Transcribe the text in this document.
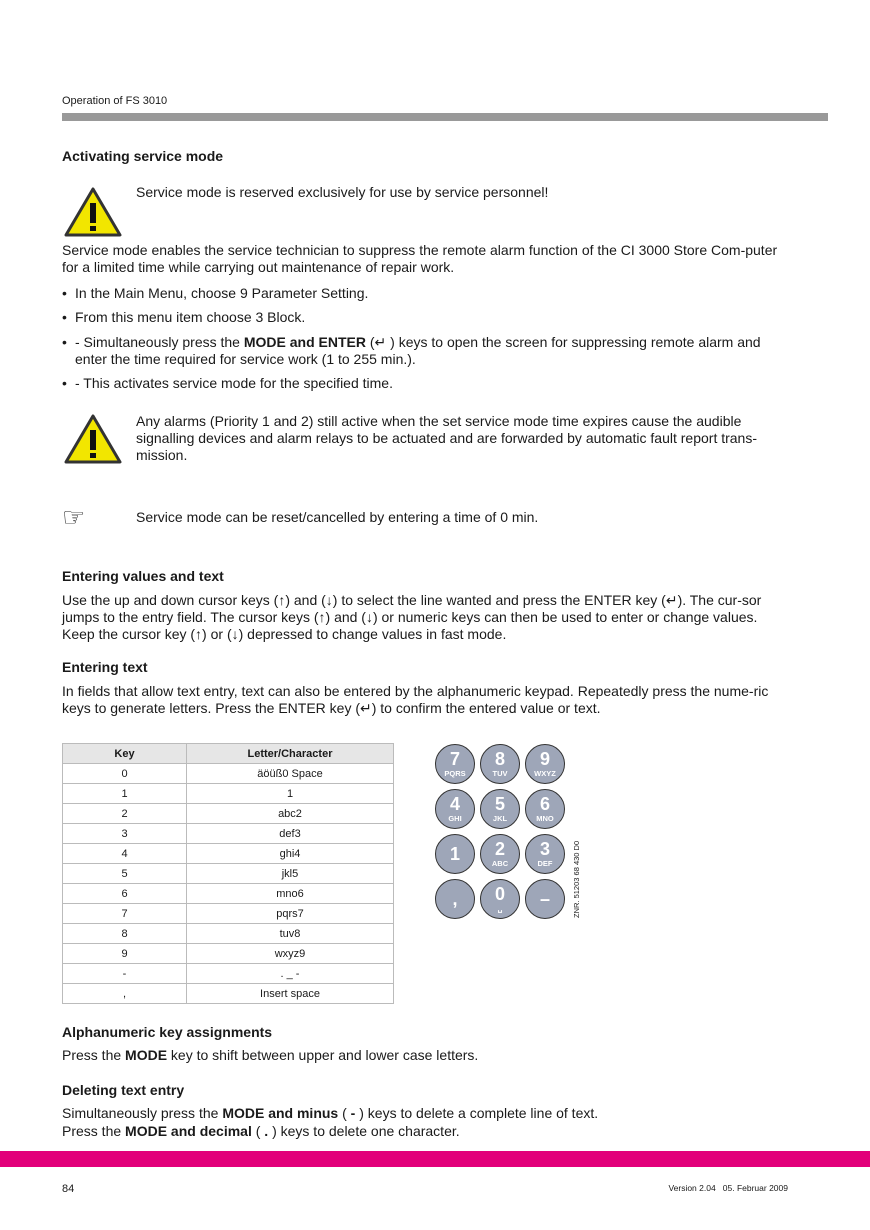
Operation of FS 3010
Activating service mode
Service mode is reserved exclusively for use by service personnel!
Service mode enables the service technician to suppress the remote alarm function of the CI 3000 Store Com-puter for a limited time while carrying out maintenance of repair work.
• In the Main Menu, choose 9 Parameter Setting.
• From this menu item choose 3 Block.
• - Simultaneously press the MODE and ENTER (↵ ) keys to open the screen for suppressing remote alarm and enter the time required for service work (1 to 255 min.).
• - This activates service mode for the specified time.
Any alarms (Priority 1 and 2) still active when the set service mode time expires cause the audible signalling devices and alarm relays to be actuated and are forwarded by automatic fault report trans-mission.
☞	Service mode can be reset/cancelled by entering a time of 0 min.
Entering values and text
Use the up and down cursor keys (↑) and (↓) to select the line wanted and press the ENTER key (↵). The cur-sor jumps to the entry field. The cursor keys (↑) and (↓) or numeric keys can then be used to enter or change values. Keep the cursor key (↑) or (↓) depressed to change values in fast mode.
Entering text
In fields that allow text entry, text can also be entered by the alphanumeric keypad. Repeatedly press the nume-ric keys to generate letters. Press the ENTER key (↵) to confirm the entered value or text.
Key	Letter/Character
0	äöüß0 Space
1	1
2	abc2
3	def3
4	ghi4
5	jkl5
6	mno6
7	pqrs7
8	tuv8
9	wxyz9
-	. _ -
,	Insert space
7
PQRS
8
TUV
9
WXYZ
4
GHI
5
JKL
6
MNO
1	2
ABC
3
DEF
,	0
␣	–	ZNR. 51203 68 430 D0
Alphanumeric key assignments
Press the MODE key to shift between upper and lower case letters.
Deleting text entry
Simultaneously press the MODE and minus ( - ) keys to delete a complete line of text.
Press the MODE and decimal ( . ) keys to delete one character.
84	Version 2.04   05. Februar 2009
